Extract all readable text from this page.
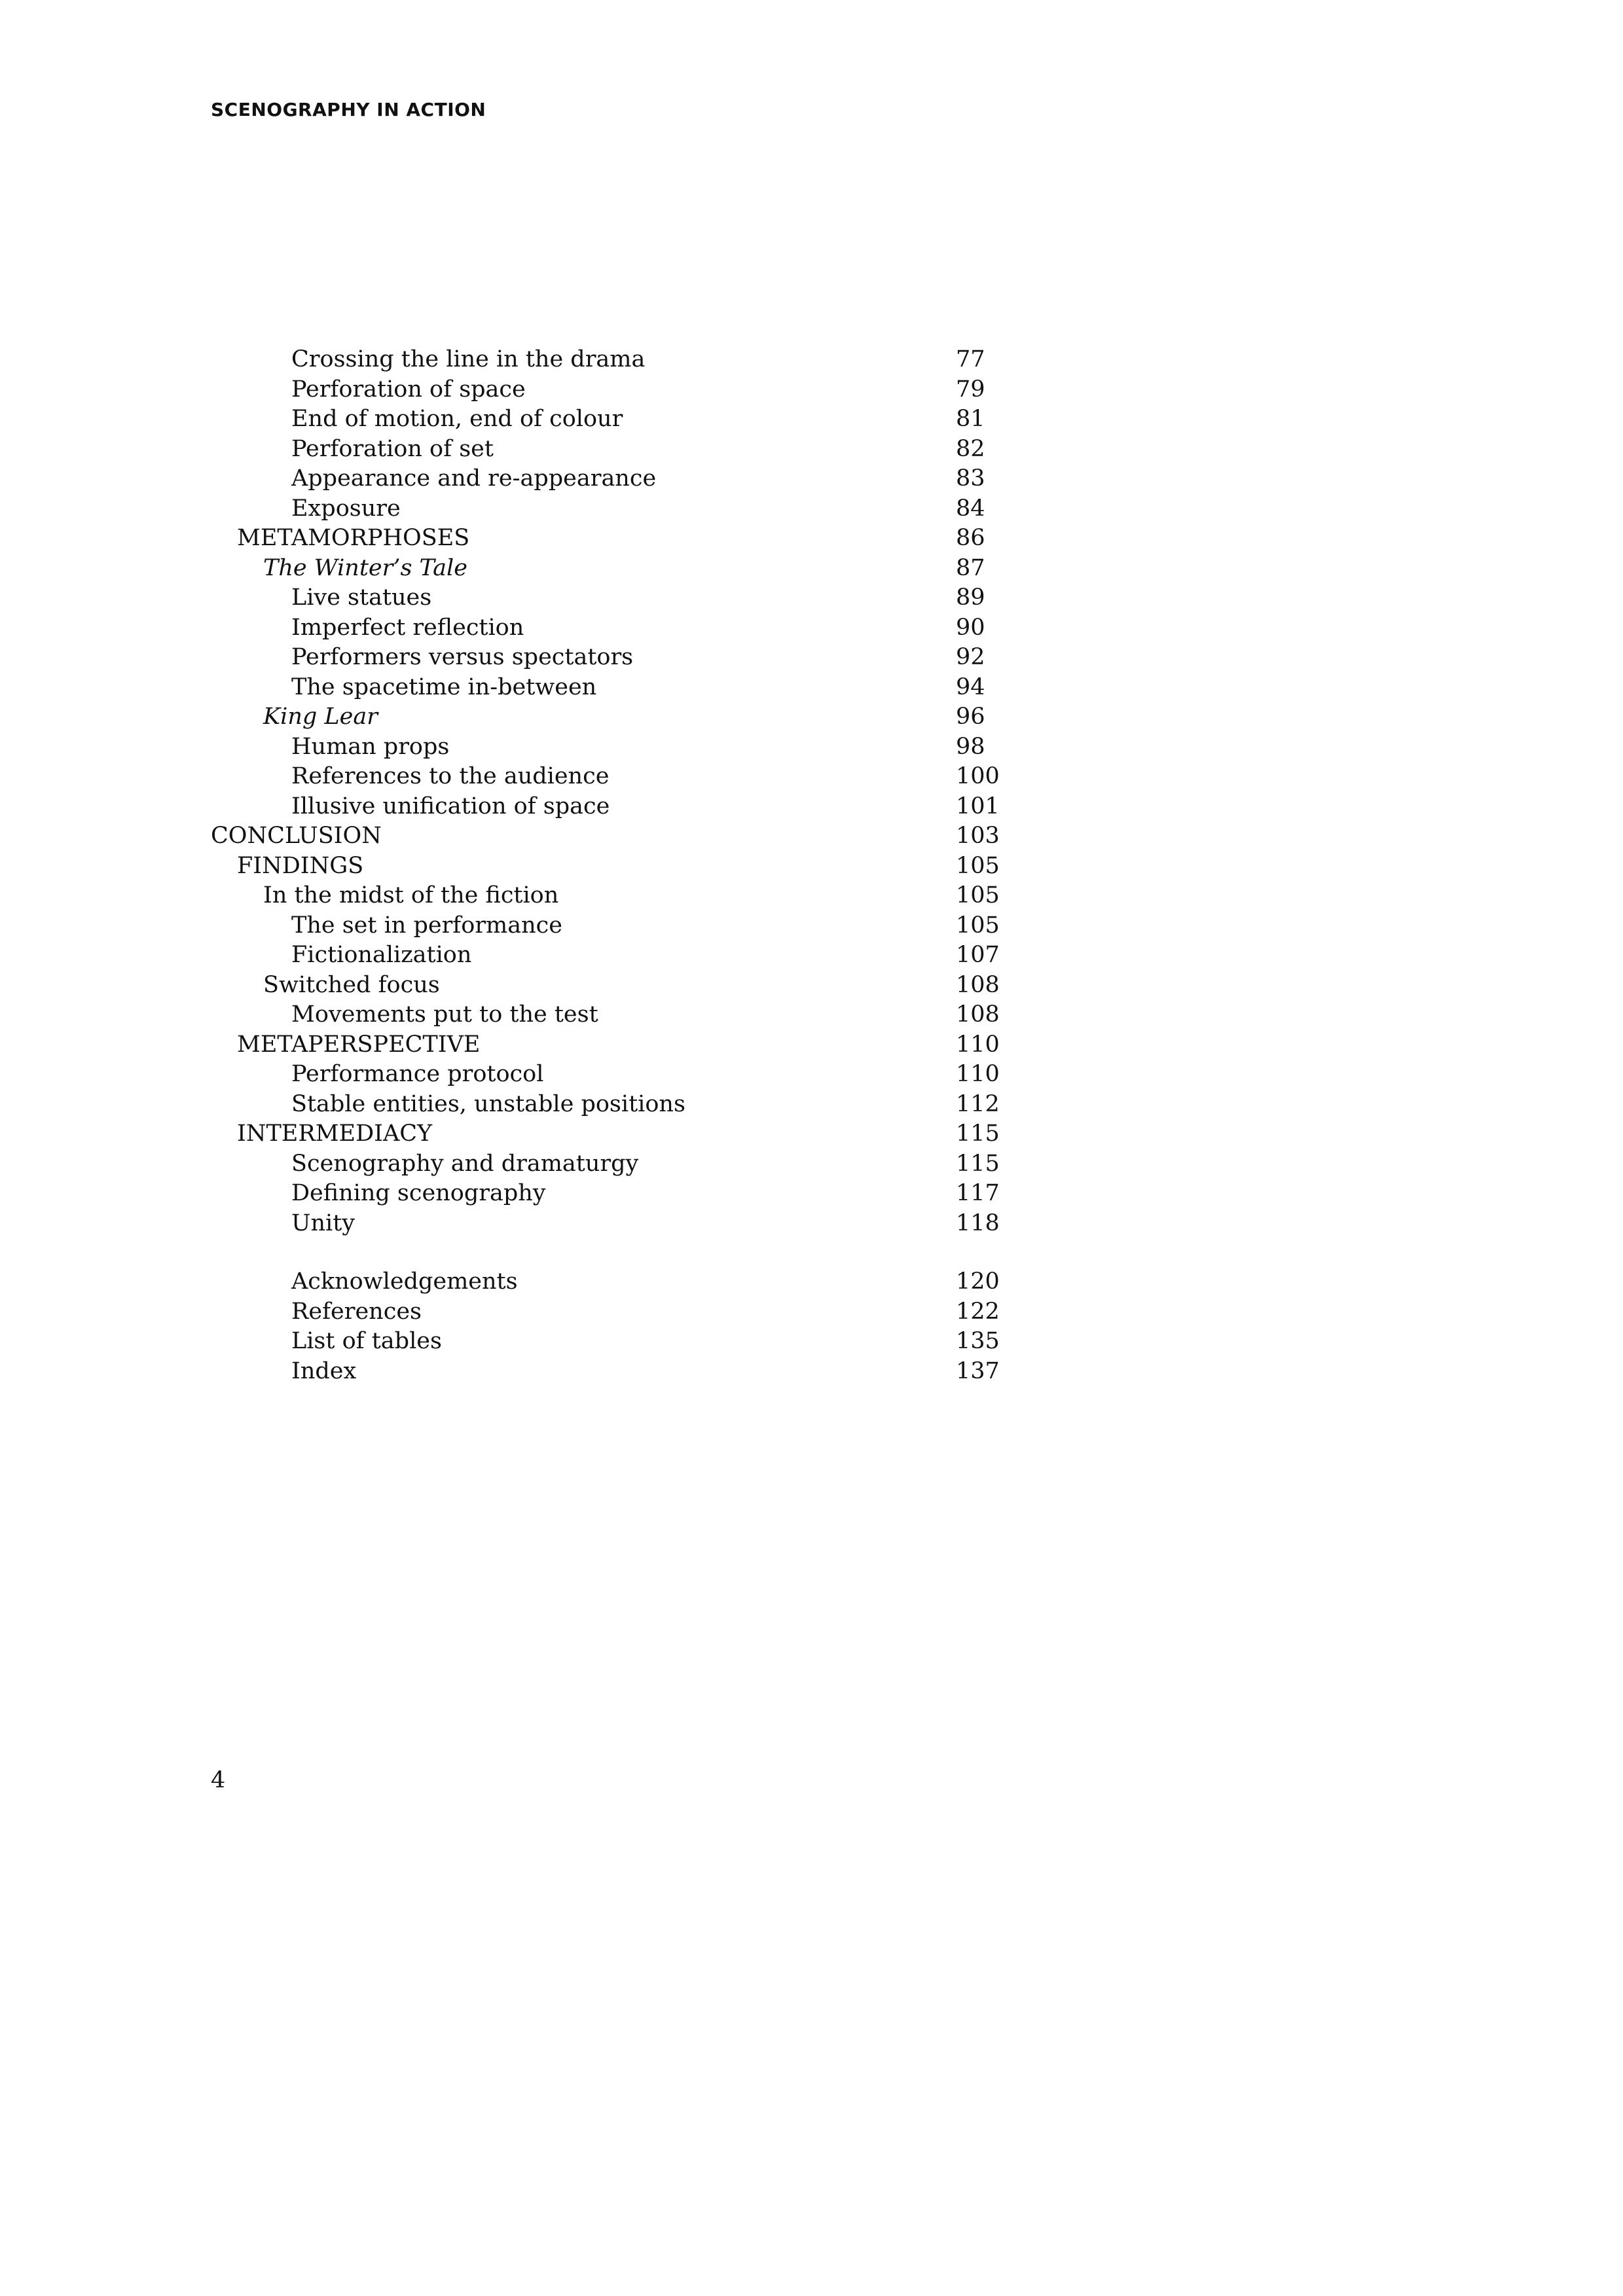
SCENOGRAPHY IN ACTION
Crossing the line in the drama	77
Perforation of space	79
End of motion, end of colour	81
Perforation of set	82
Appearance and re-appearance	83
Exposure	84
METAMORPHOSES	86
The Winter’s Tale	87
Live statues	89
Imperfect reflection	90
Performers versus spectators	92
The spacetime in-between	94
King Lear	96
Human props	98
References to the audience	100
Illusive unification of space	101
CONCLUSION	103
FINDINGS	105
In the midst of the fiction	105
The set in performance	105
Fictionalization	107
Switched focus	108
Movements put to the test	108
METAPERSPECTIVE	110
Performance protocol	110
Stable entities, unstable positions	112
INTERMEDIACY	115
Scenography and dramaturgy	115
Defining scenography	117
Unity	118
Acknowledgements	120
References	122
List of tables	135
Index	137
4
